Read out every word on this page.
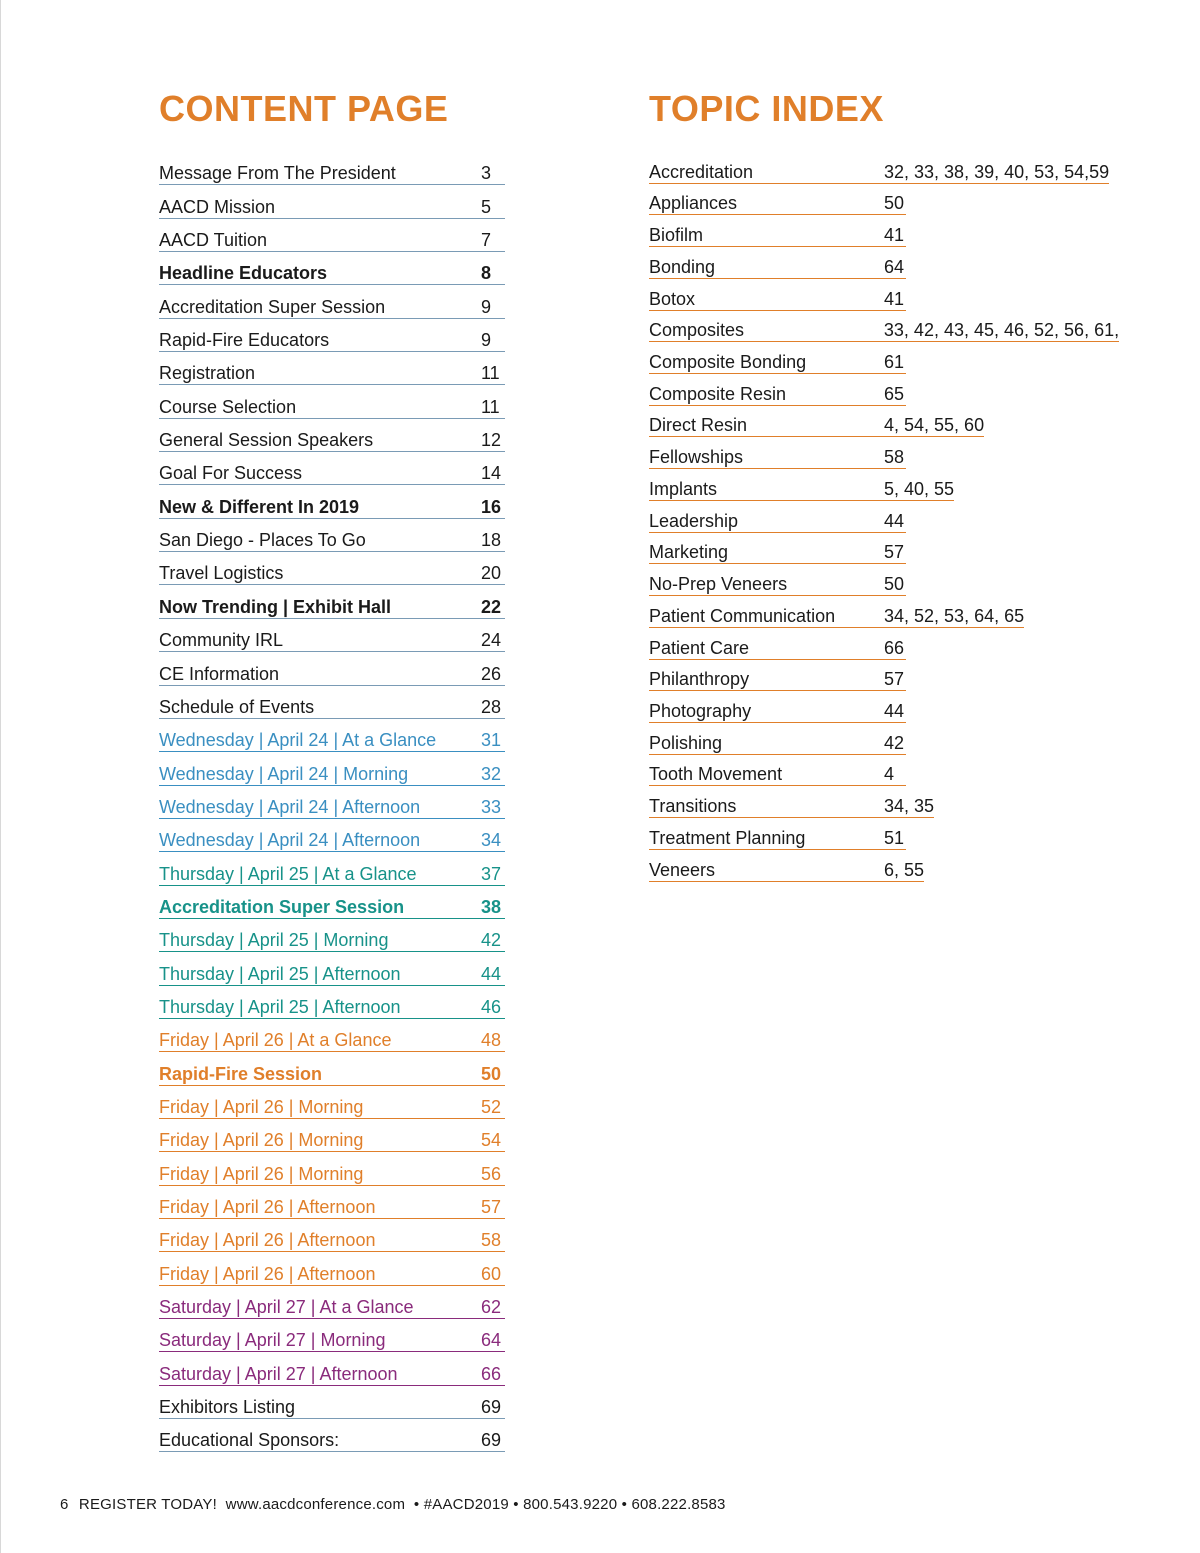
CONTENT PAGE	TOPIC INDEX
Message From The President	3
AACD Mission	5
AACD Tuition	7
Headline Educators	8
Accreditation Super Session	9
Rapid-Fire Educators	9
Registration	11
Course Selection	11
General Session Speakers	12
Goal For Success	14
New & Different In 2019	16
San Diego - Places To Go	18
Travel Logistics	20
Now Trending | Exhibit Hall	22
Community IRL	24
CE Information	26
Schedule of Events	28
Wednesday | April 24 | At a Glance	31
Wednesday | April 24 | Morning	32
Wednesday | April 24 | Afternoon	33
Wednesday | April 24 | Afternoon	34
Thursday | April 25 | At a Glance	37
Accreditation Super Session	38
Thursday | April 25 | Morning	42
Thursday | April 25 | Afternoon	44
Thursday | April 25 | Afternoon	46
Friday | April 26 | At a Glance	48
Rapid-Fire Session	50
Friday | April 26 | Morning	52
Friday | April 26 | Morning	54
Friday | April 26 | Morning	56
Friday | April 26 | Afternoon	57
Friday | April 26 | Afternoon	58
Friday | April 26 | Afternoon	60
Saturday | April 27 | At a Glance	62
Saturday | April 27 | Morning	64
Saturday | April 27 | Afternoon	66
Exhibitors Listing	69
Educational Sponsors:	69
Accreditation	32, 33, 38, 39, 40, 53, 54,59
Appliances	50
Biofilm	41
Bonding	64
Botox	41
Composites	33, 42, 43, 45, 46, 52, 56, 61,
Composite Bonding	61
Composite Resin	65
Direct Resin	4, 54, 55, 60
Fellowships	58
Implants	5, 40, 55
Leadership	44
Marketing	57
No-Prep Veneers	50
Patient Communication	34, 52, 53, 64, 65
Patient Care	66
Philanthropy	57
Photography	44
Polishing	42
Tooth Movement	4
Transitions	34, 35
Treatment Planning	51
Veneers	6, 55
6 REGISTER TODAY!  www.aacdconference.com  • #AACD2019 • 800.543.9220 • 608.222.8583
